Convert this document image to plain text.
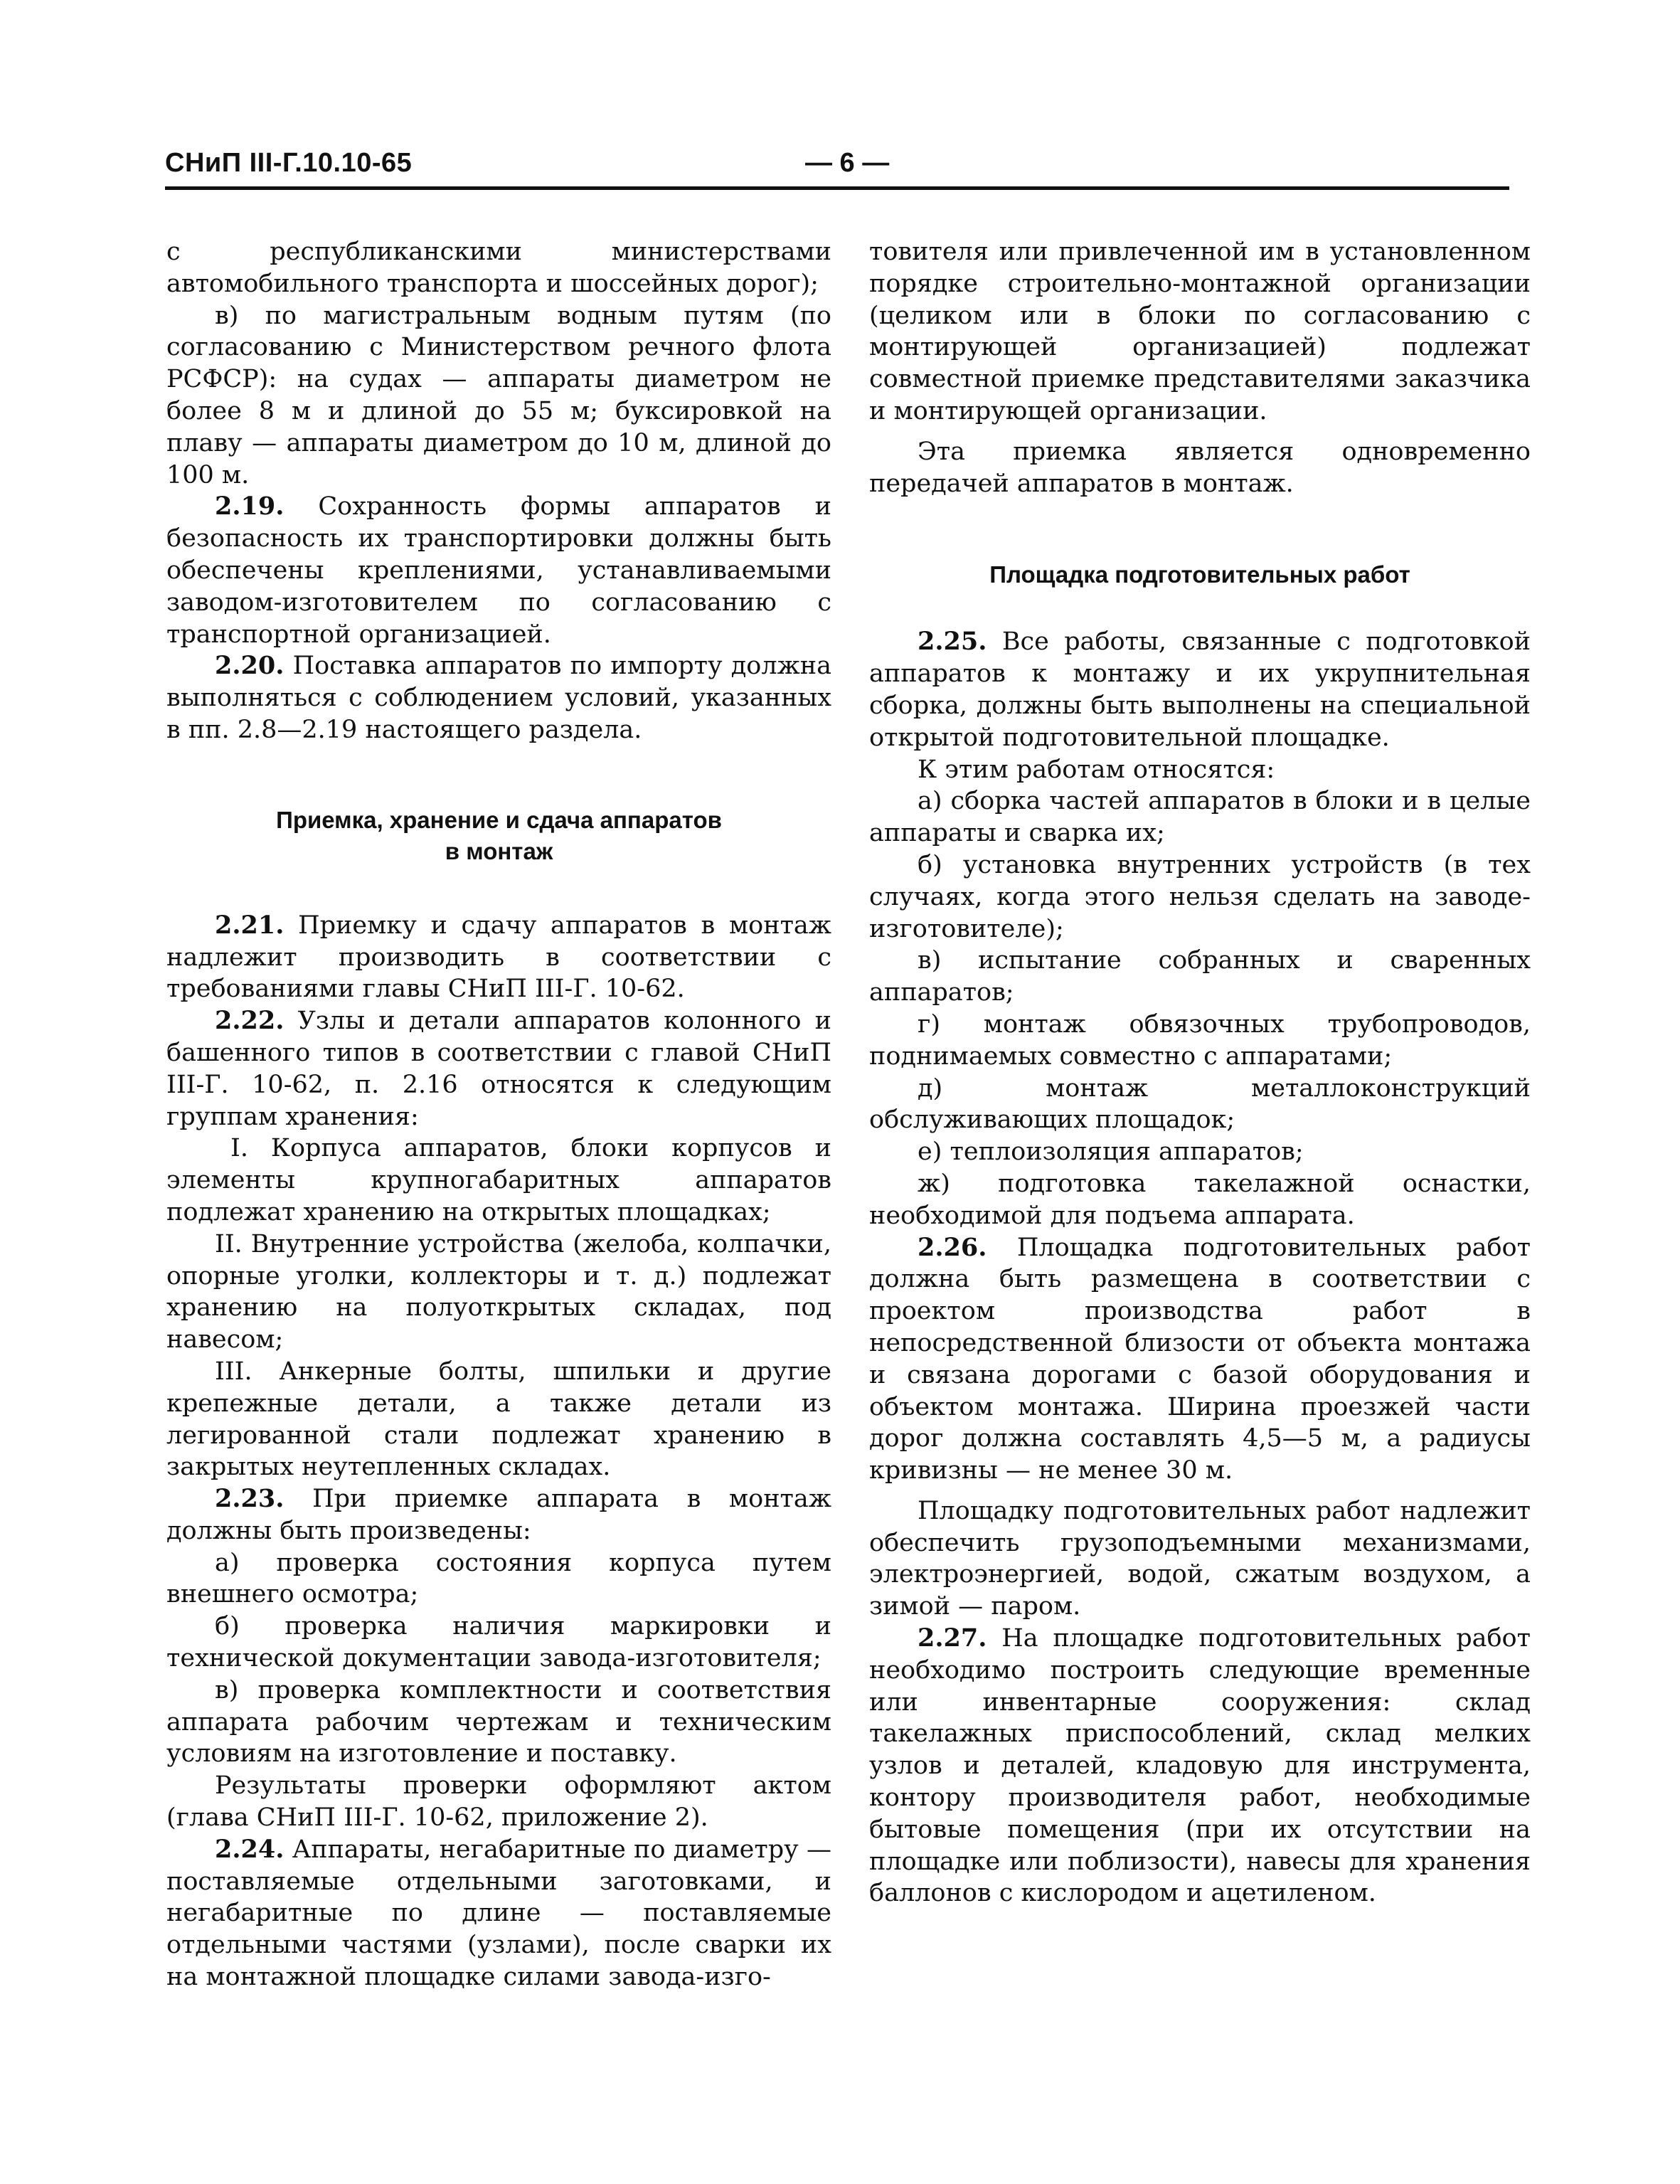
СНиП III-Г.10.10-65	— 6 —

с республиканскими министерствами автомобильного транспорта и шоссейных дорог);

в) по магистральным водным путям (по согласованию с Министерством речного флота РСФСР): на судах — аппараты диаметром не более 8 м и длиной до 55 м; буксировкой на плаву — аппараты диаметром до 10 м, длиной до 100 м.

2.19. Сохранность формы аппаратов и безопасность их транспортировки должны быть обеспечены креплениями, устанавливаемыми заводом-изготовителем по согласованию с транспортной организацией.

2.20. Поставка аппаратов по импорту должна выполняться с соблюдением условий, указанных в пп. 2.8—2.19 настоящего раздела.

Приемка, хранение и сдача аппаратов
в монтаж

2.21. Приемку и сдачу аппаратов в монтаж надлежит производить в соответствии с требованиями главы СНиП III-Г. 10-62.

2.22. Узлы и детали аппаратов колонного и башенного типов в соответствии с главой СНиП III-Г. 10-62, п. 2.16 относятся к следующим группам хранения:

I. Корпуса аппаратов, блоки корпусов и элементы крупногабаритных аппаратов подлежат хранению на открытых площадках;

II. Внутренние устройства (желоба, колпачки, опорные уголки, коллекторы и т. д.) подлежат хранению на полуоткрытых складах, под навесом;

III. Анкерные болты, шпильки и другие крепежные детали, а также детали из легированной стали подлежат хранению в закрытых неутепленных складах.

2.23. При приемке аппарата в монтаж должны быть произведены:

а) проверка состояния корпуса путем внешнего осмотра;

б) проверка наличия маркировки и технической документации завода-изготовителя;

в) проверка комплектности и соответствия аппарата рабочим чертежам и техническим условиям на изготовление и поставку.

Результаты проверки оформляют актом (глава СНиП III-Г. 10-62, приложение 2).

2.24. Аппараты, негабаритные по диаметру — поставляемые отдельными заготовками, и негабаритные по длине — поставляемые отдельными частями (узлами), после сварки их на монтажной площадке силами завода-изго-

товителя или привлеченной им в установленном порядке строительно-монтажной организации (целиком или в блоки по согласованию с монтирующей организацией) подлежат совместной приемке представителями заказчика и монтирующей организации.

Эта приемка является одновременно передачей аппаратов в монтаж.

Площадка подготовительных работ

2.25. Все работы, связанные с подготовкой аппаратов к монтажу и их укрупнительная сборка, должны быть выполнены на специальной открытой подготовительной площадке.

К этим работам относятся:

а) сборка частей аппаратов в блоки и в целые аппараты и сварка их;

б) установка внутренних устройств (в тех случаях, когда этого нельзя сделать на заводе-изготовителе);

в) испытание собранных и сваренных аппаратов;

г) монтаж обвязочных трубопроводов, поднимаемых совместно с аппаратами;

д) монтаж металлоконструкций обслуживающих площадок;

е) теплоизоляция аппаратов;

ж) подготовка такелажной оснастки, необходимой для подъема аппарата.

2.26. Площадка подготовительных работ должна быть размещена в соответствии с проектом производства работ в непосредственной близости от объекта монтажа и связана дорогами с базой оборудования и объектом монтажа. Ширина проезжей части дорог должна составлять 4,5—5 м, а радиусы кривизны — не менее 30 м.

Площадку подготовительных работ надлежит обеспечить грузоподъемными механизмами, электроэнергией, водой, сжатым воздухом, а зимой — паром.

2.27. На площадке подготовительных работ необходимо построить следующие временные или инвентарные сооружения: склад такелажных приспособлений, склад мелких узлов и деталей, кладовую для инструмента, контору производителя работ, необходимые бытовые помещения (при их отсутствии на площадке или поблизости), навесы для хранения баллонов с кислородом и ацетиленом.
